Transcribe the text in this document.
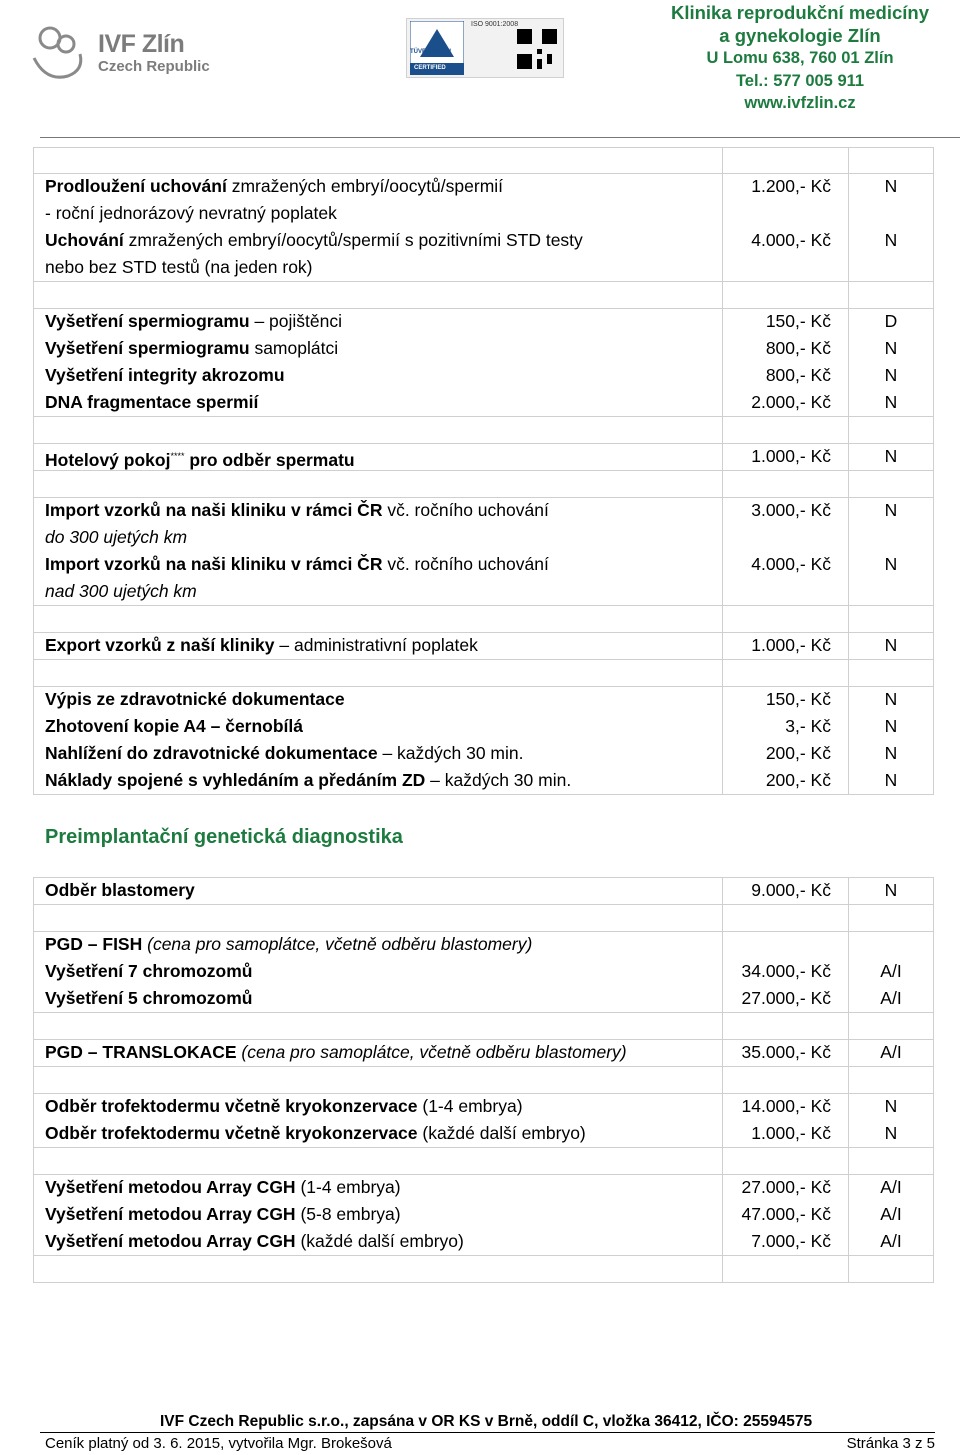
IVF Zlín
Czech Republic
TÜVRheinland
CERTIFIED
ISO 9001:2008
Klinika reprodukční medicíny
a gynekologie Zlín
U Lomu 638, 760 01 Zlín
Tel.: 577 005 911
www.ivfzlin.cz
Prodloužení uchování zmražených embryí/oocytů/spermií	1.200,- Kč	N
- roční jednorázový nevratný poplatek
Uchování zmražených embryí/oocytů/spermií s pozitivními STD testy	4.000,- Kč	N
nebo bez STD testů (na jeden rok)
Vyšetření spermiogramu – pojištěnci	150,- Kč	D
Vyšetření spermiogramu samoplátci	800,- Kč	N
Vyšetření integrity akrozomu	800,- Kč	N
DNA fragmentace spermií	2.000,- Kč	N
Hotelový pokoj**** pro odběr spermatu	1.000,- Kč	N
Import vzorků na naši kliniku v rámci ČR vč. ročního uchování	3.000,- Kč	N
do 300 ujetých km
Import vzorků na naši kliniku v rámci ČR vč. ročního uchování	4.000,- Kč	N
nad 300 ujetých km
Export vzorků z naší kliniky – administrativní poplatek	1.000,- Kč	N
Výpis ze zdravotnické dokumentace	150,- Kč	N
Zhotovení kopie A4 – černobílá	3,- Kč	N
Nahlížení do zdravotnické dokumentace – každých 30 min.	200,- Kč	N
Náklady spojené s vyhledáním a předáním ZD – každých 30 min.	200,- Kč	N
Preimplantační genetická diagnostika
Odběr blastomery	9.000,- Kč	N
PGD – FISH (cena pro samoplátce, včetně odběru blastomery)
Vyšetření 7 chromozomů	34.000,- Kč	A/I
Vyšetření 5 chromozomů	27.000,- Kč	A/I
PGD – TRANSLOKACE (cena pro samoplátce, včetně odběru blastomery)	35.000,- Kč	A/I
Odběr trofektodermu včetně kryokonzervace (1-4 embrya)	14.000,- Kč	N
Odběr trofektodermu včetně kryokonzervace (každé další embryo)	1.000,- Kč	N
Vyšetření metodou Array CGH (1-4 embrya)	27.000,- Kč	A/I
Vyšetření metodou Array CGH (5-8 embrya)	47.000,- Kč	A/I
Vyšetření metodou Array CGH (každé další embryo)	7.000,- Kč	A/I
IVF Czech Republic s.r.o., zapsána v OR KS v Brně, oddíl C, vložka 36412, IČO: 25594575
Ceník platný od 3. 6. 2015, vytvořila Mgr. Brokešová	Stránka 3 z 5
